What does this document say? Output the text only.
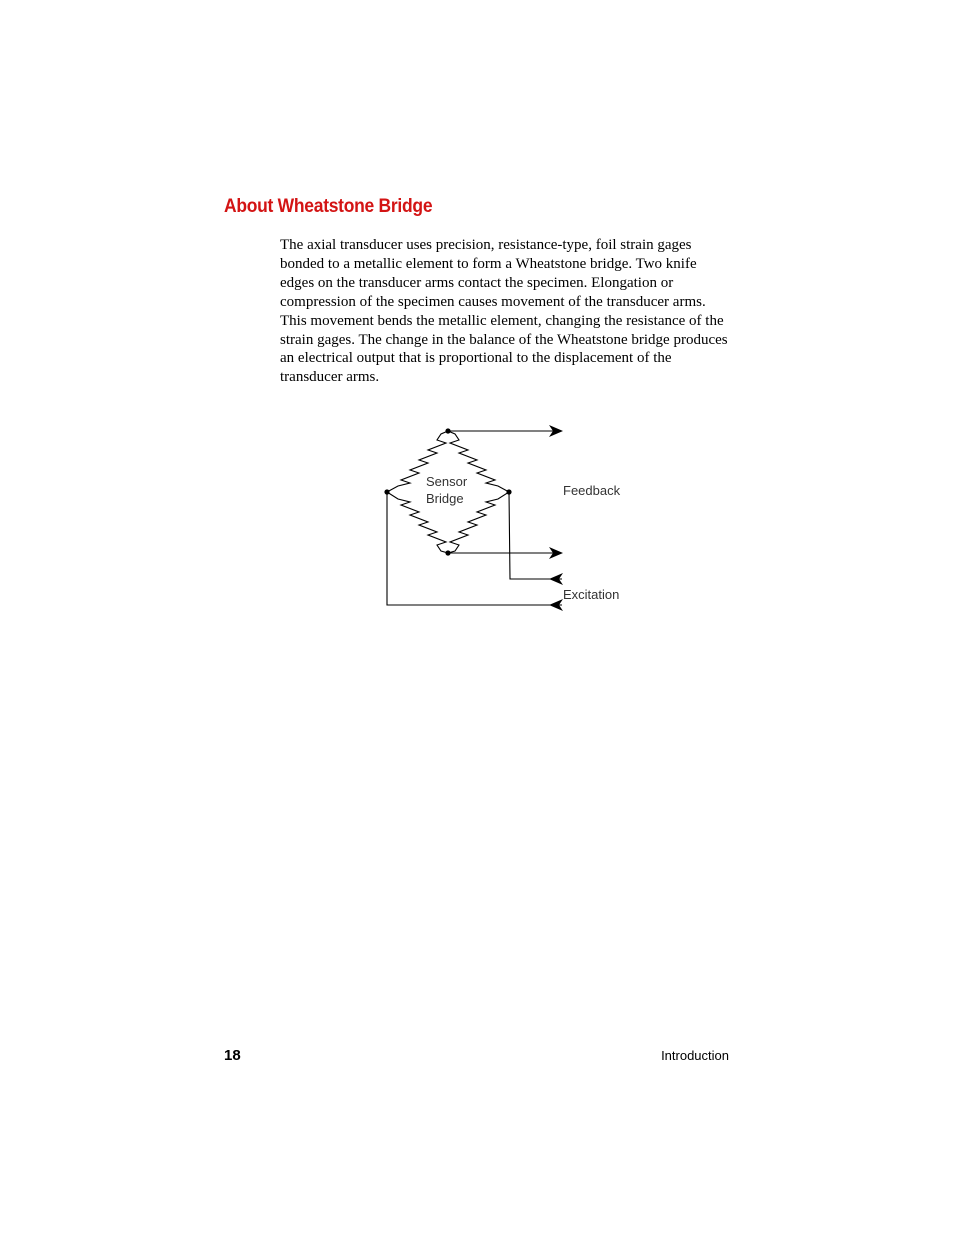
About Wheatstone Bridge

The axial transducer uses precision, resistance-type, foil strain gages bonded to a metallic element to form a Wheatstone bridge. Two knife edges on the transducer arms contact the specimen. Elongation or compression of the specimen causes movement of the transducer arms. This movement bends the metallic element, changing the resistance of the strain gages. The change in the balance of the Wheatstone bridge produces an electrical output that is proportional to the displacement of the transducer arms.

Sensor
Bridge
Feedback
Excitation
18	Introduction
